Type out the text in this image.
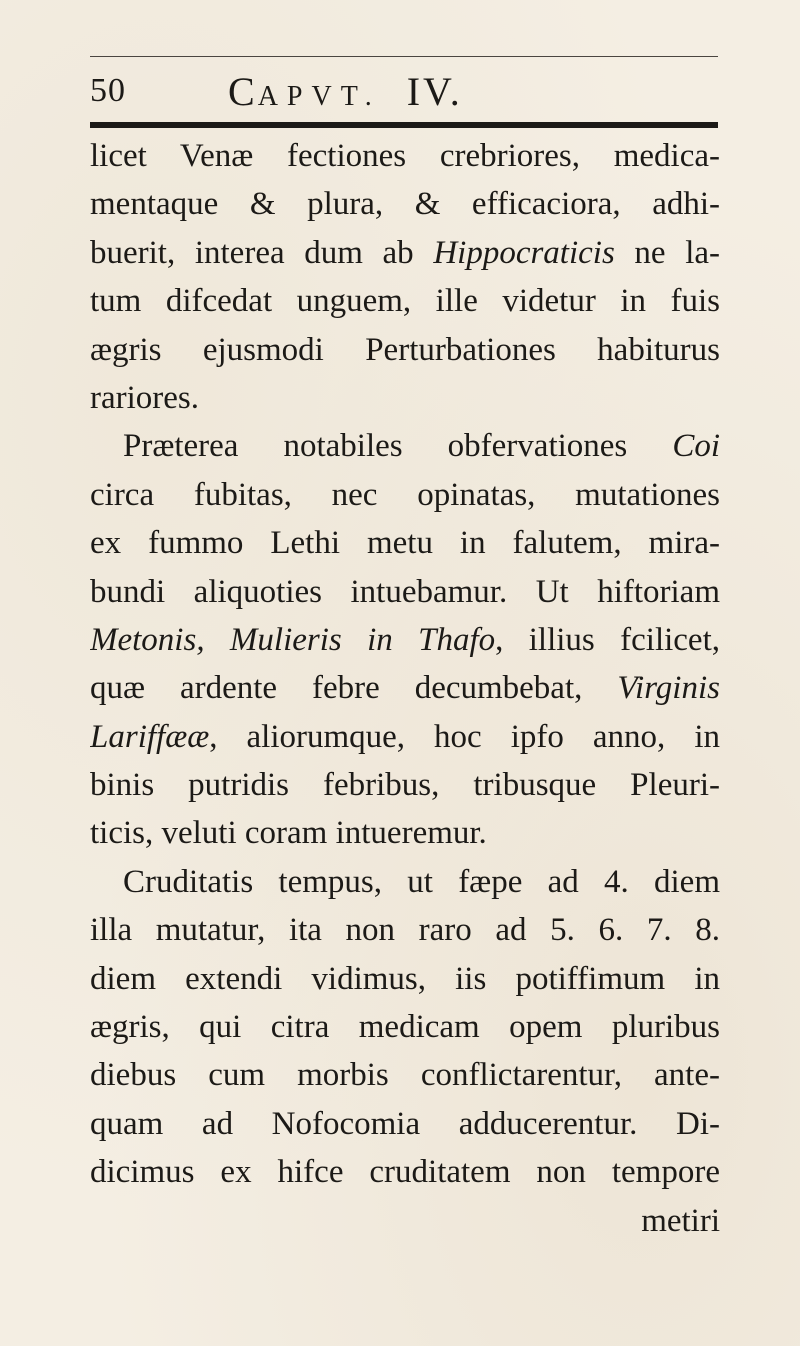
50	CAPVT. IV.
licet Venæ fectiones crebriores, medica-
mentaque & plura, & efficaciora, adhi-
buerit, interea dum ab Hippocraticis ne la-
tum difcedat unguem, ille videtur in fuis
ægris ejusmodi Perturbationes habiturus
rariores.
Præterea notabiles obfervationes Coi
circa fubitas, nec opinatas, mutationes
ex fummo Lethi metu in falutem, mira-
bundi aliquoties intuebamur. Ut hiftoriam
Metonis, Mulieris in Thafo, illius fcilicet,
quæ ardente febre decumbebat, Virginis
Lariffææ, aliorumque, hoc ipfo anno, in
binis putridis febribus, tribusque Pleuri-
ticis, veluti coram intueremur.
Cruditatis tempus, ut fæpe ad 4. diem
illa mutatur, ita non raro ad 5. 6. 7. 8.
diem extendi vidimus, iis potiffimum in
ægris, qui citra medicam opem pluribus
diebus cum morbis conflictarentur, ante-
quam ad Nofocomia adducerentur. Di-
dicimus ex hifce cruditatem non tempore
metiri
